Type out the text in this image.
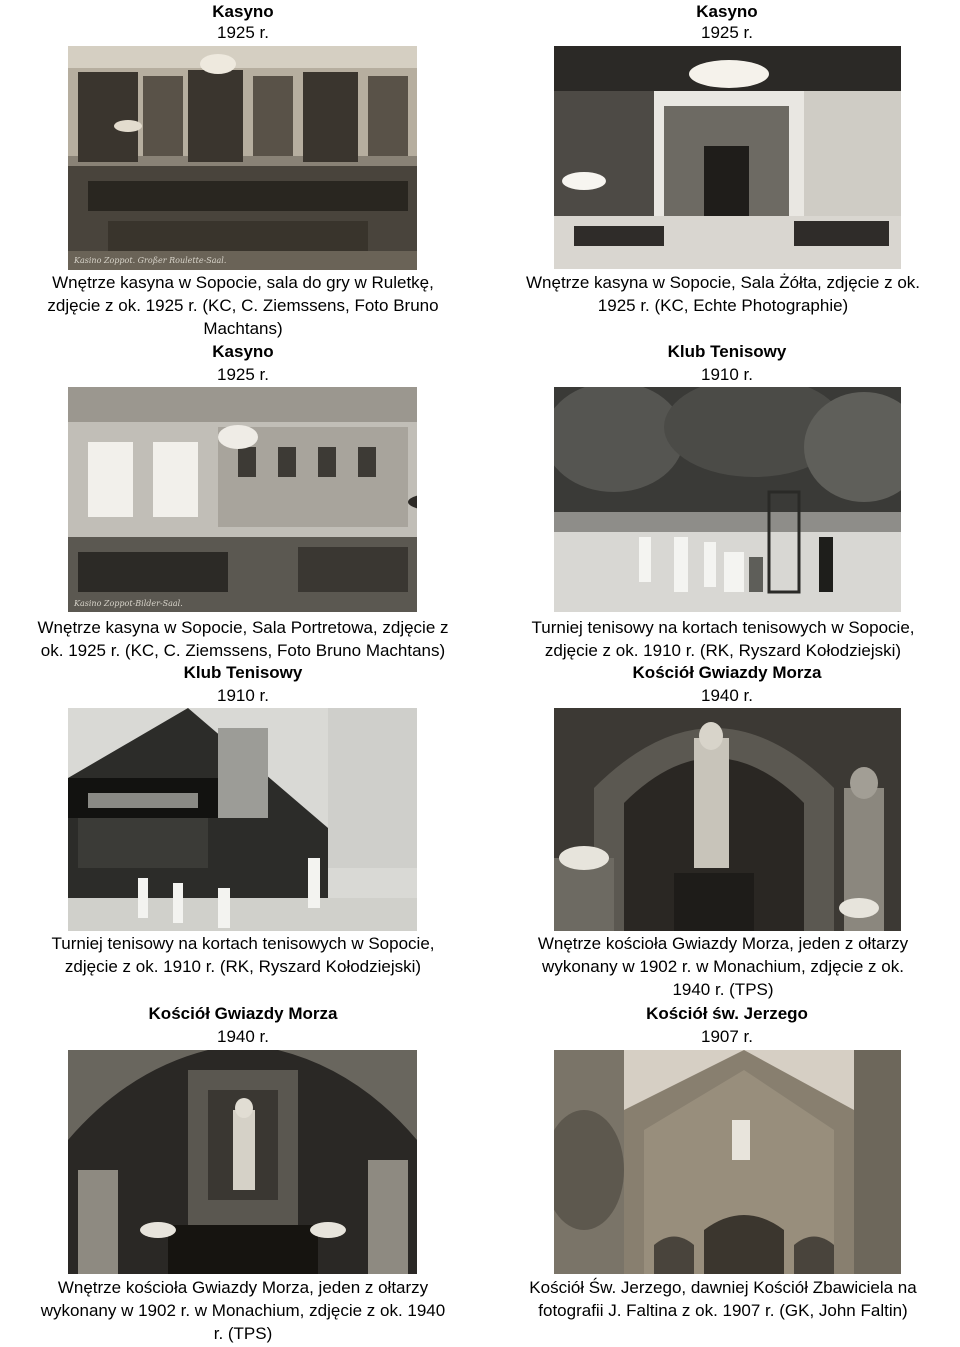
Kasyno
1925 r.
Kasino Zoppot. Großer Roulette-Saal.
Wnętrze kasyna w Sopocie, sala do gry w Ruletkę,
zdjęcie z ok. 1925 r. (KC, C. Ziemssens, Foto Bruno
Machtans)
Kasyno
1925 r.
Wnętrze kasyna w Sopocie, Sala Żółta, zdjęcie z ok.
1925 r. (KC, Echte Photographie)
Kasyno
1925 r.
Kasino Zoppot-Bilder-Saal.
Wnętrze kasyna w Sopocie, Sala Portretowa, zdjęcie z
ok. 1925 r. (KC, C. Ziemssens, Foto Bruno Machtans)
Klub Tenisowy
1910 r.
Turniej tenisowy na kortach tenisowych w Sopocie,
zdjęcie z ok. 1910 r. (RK, Ryszard Kołodziejski)
Klub Tenisowy
1910 r.
Turniej tenisowy na kortach tenisowych w Sopocie,
zdjęcie z ok. 1910 r. (RK, Ryszard Kołodziejski)
Kościół Gwiazdy Morza
1940 r.
Wnętrze kościoła Gwiazdy Morza, jeden z ołtarzy
wykonany w 1902 r. w Monachium, zdjęcie z ok.
1940 r. (TPS)
Kościół Gwiazdy Morza
1940 r.
Wnętrze kościoła Gwiazdy Morza, jeden z ołtarzy
wykonany w 1902 r. w Monachium, zdjęcie z ok. 1940
r. (TPS)
Kościół św. Jerzego
1907 r.
Kościół Św. Jerzego, dawniej Kościół Zbawiciela na
fotografii J. Faltina z ok. 1907 r. (GK, John Faltin)
